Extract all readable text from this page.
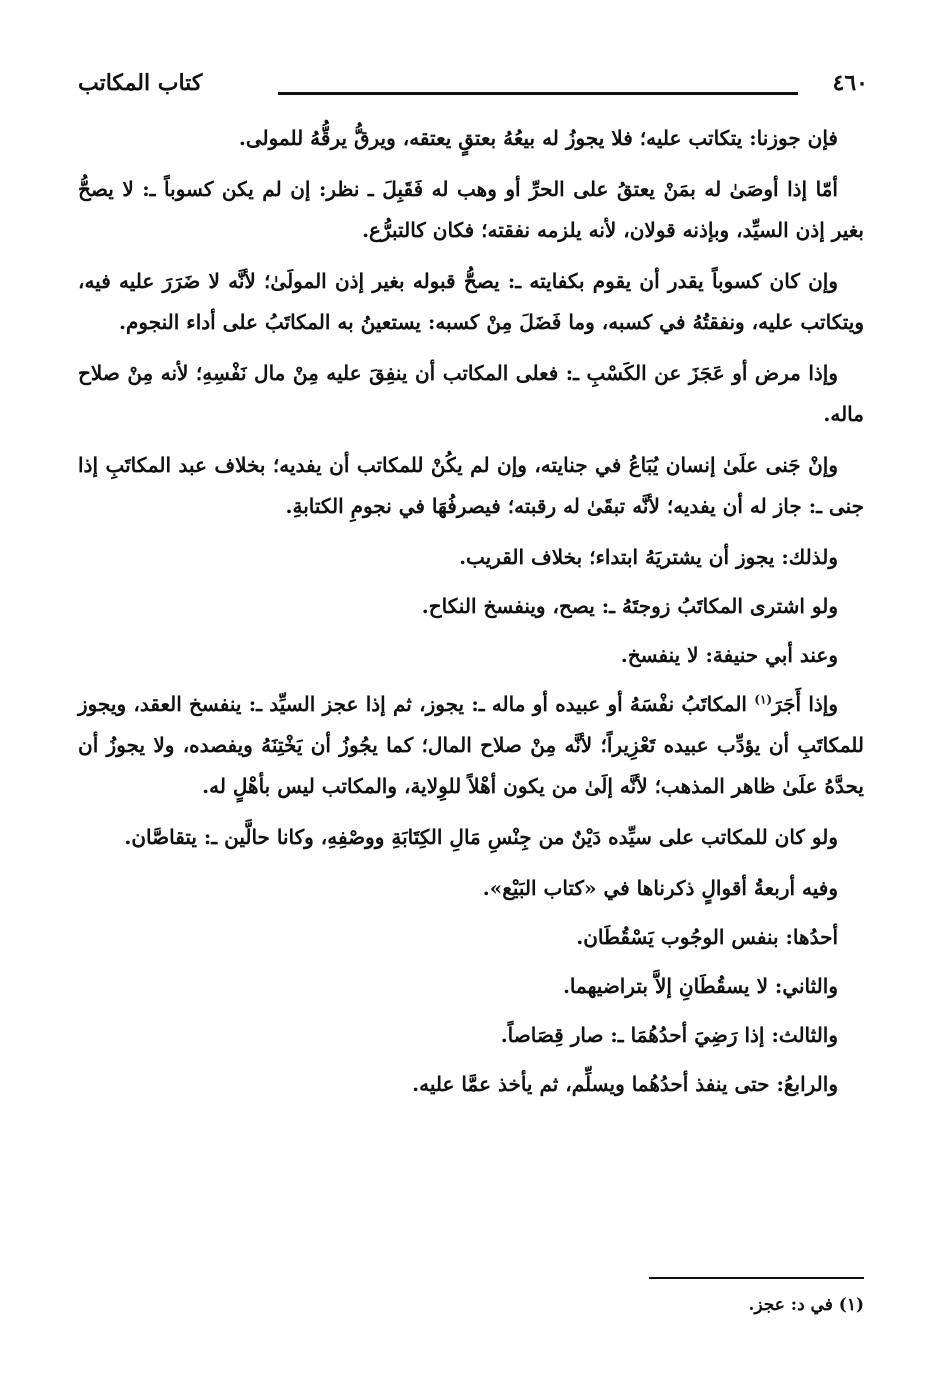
٤٦٠
كتاب المكاتب

فإن جوزنا: يتكاتب عليه؛ فلا يجوزُ له بيعُهُ بعتقٍ يعتقه، ويرقُّ يرقُّهُ للمولى.

أمّا إذا أوصَىٰ له بمَنْ يعتقُ على الحرِّ أو وهب له فَقَبِلَ ـ نظر: إن لم يكن كسوباً ـ: لا يصحُّ بغير إذن السيِّد، وبإذنه قولان، لأنه يلزمه نفقته؛ فكان كالتبرُّع.

وإن كان كسوباً يقدر أن يقوم بكفايته ـ: يصحُّ قبوله بغير إذن المولَىٰ؛ لأنَّه لا ضَرَرَ عليه فيه، ويتكاتب عليه، ونفقتُهُ في كسبه، وما فَضَلَ مِنْ كسبه: يستعينُ به المكاتَبُ على أداء النجوم.

وإذا مرض أو عَجَزَ عن الكَسْبِ ـ: فعلى المكاتب أن ينفِقَ عليه مِنْ مال نَفْسِهِ؛ لأنه مِنْ صلاح ماله.

وإنْ جَنى علَىٰ إنسان يُبَاعُ في جنايته، وإن لم يكُنْ للمكاتب أن يفديه؛ بخلاف عبد المكاتَبِ إذا جنى ـ: جاز له أن يفديه؛ لأنَّه تبقَىٰ له رقبته؛ فيصرفُهَا في نجومِ الكتابةِ.

ولذلك: يجوز أن يشتريَهُ ابتداء؛ بخلاف القريب.

ولو اشترى المكاتَبُ زوجتَهُ ـ: يصح، وينفسخ النكاح.

وعند أبي حنيفة: لا ينفسخ.

وإذا أَجَرَ$^{(١)}$ المكاتَبُ نفْسَهُ أو عبيده أو ماله ـ: يجوز، ثم إذا عجز السيِّد ـ: ينفسخ العقد، ويجوز للمكاتَبِ أن يؤدِّب عبيده تَعْزِيراً؛ لأنَّه مِنْ صلاح المال؛ كما يجُوزُ أن يَخْتِنَهُ ويفصده، ولا يجوزُ أن يحدَّهُ علَىٰ ظاهر المذهب؛ لأنَّه إلَىٰ من يكون أهْلاً للوِلاية، والمكاتب ليس بأهْلٍ له.

ولو كان للمكاتب على سيِّده دَيْنٌ من جِنْسِ مَالِ الكِتَابَةِ ووصْفِهِ، وكانا حالَّين ـ: يتقاصَّان.

وفيه أربعةُ أقوالٍ ذكرناها في «كتاب البَيْع».

أحدُها: بنفس الوجُوب يَسْقُطَان.
والثاني: لا يسقُطَانِ إلاَّ بتراضيهما.
والثالث: إذا رَضِيَ أحدُهُمَا ـ: صار قِصَاصاً.
والرابعُ: حتى ينفذ أحدُهُما ويسلِّم، ثم يأخذ عمَّا عليه.
(١) في د: عجز.
